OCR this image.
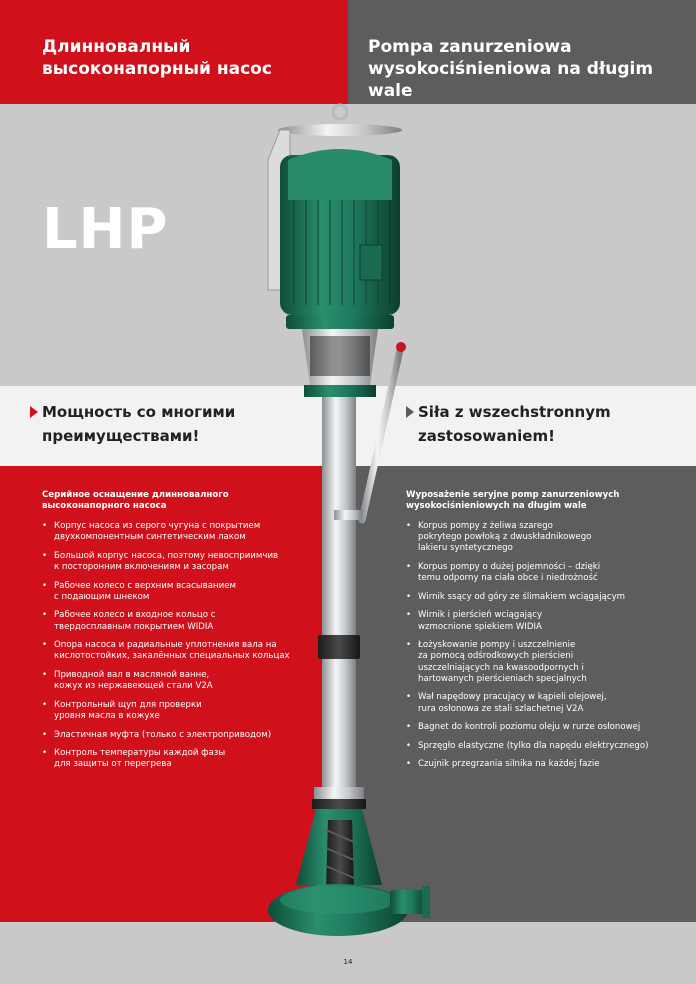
Длинновалный
высоконапорный насос
Pompa zanurzeniowa
wysokociśnieniowa na długim wale
LHP
Мощность со многими
преимуществами!
Siła z wszechstronnym
zastosowaniem!
Серийное оснащение длинновалного
высоконапорного насоса
Wyposażenie seryjne pomp zanurzeniowych
wysokociśnieniowych na długim wale
• Корпус насоса из серого чугуна с покрытием
двухкомпонентным синтетическим лаком
• Большой корпус насоса, поэтому невосприимчив
к посторонним включениям и засорам
• Рабочее колесо с верхним всасыванием
с подающим шнеком
• Рабочее колесо и входное кольцо с
твердосплавным покрытием WIDIA
• Опора насоса и радиальные уплотнения вала на
кислотостойких, закалённых специальных кольцах
• Приводной вал в масляной ванне,
кожух из нержавеющей стали V2A
• Контрольный щуп для проверки
уровня масла в кожухе
• Эластичная муфта (только с электроприводом)
• Контроль температуры каждой фазы
для защиты от перегрева
• Korpus pompy z żeliwa szarego
pokrytego powłoką z dwuskładnikowego
lakieru syntetycznego
• Korpus pompy o dużej pojemności – dzięki
temu odporny na ciała obce i niedrożność
• Wirnik ssący od góry ze ślimakiem wciągającym
• Wirnik i pierścień wciągający
wzmocnione spiekiem WIDIA
• Łożyskowanie pompy i uszczelnienie
za pomocą odśrodkowych pierścieni
uszczelniających na kwasoodpornych i
hartowanych pierścieniach specjalnych
• Wał napędowy pracujący w kąpieli olejowej,
rura osłonowa ze stali szlachetnej V2A
• Bagnet do kontroli poziomu oleju w rurze osłonowej
• Sprzęgło elastyczne (tylko dla napędu elektrycznego)
• Czujnik przegrzania silnika na każdej fazie
14
